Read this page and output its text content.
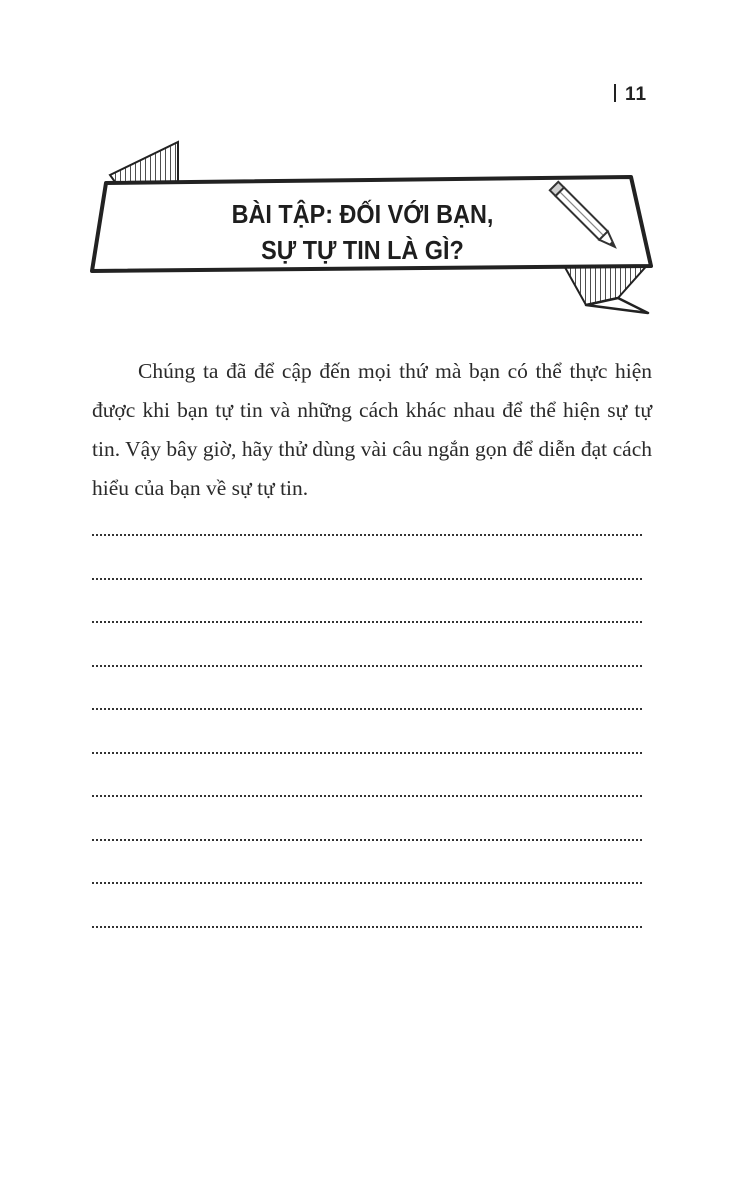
11
BÀI TẬP: ĐỐI VỚI BẠN,
SỰ TỰ TIN LÀ GÌ?

Chúng ta đã để cập đến mọi thứ mà bạn có thể thực hiện được khi bạn tự tin và những cách khác nhau để thể hiện sự tự tin. Vậy bây giờ, hãy thử dùng vài câu ngắn gọn để diễn đạt cách hiểu của bạn về sự tự tin.
